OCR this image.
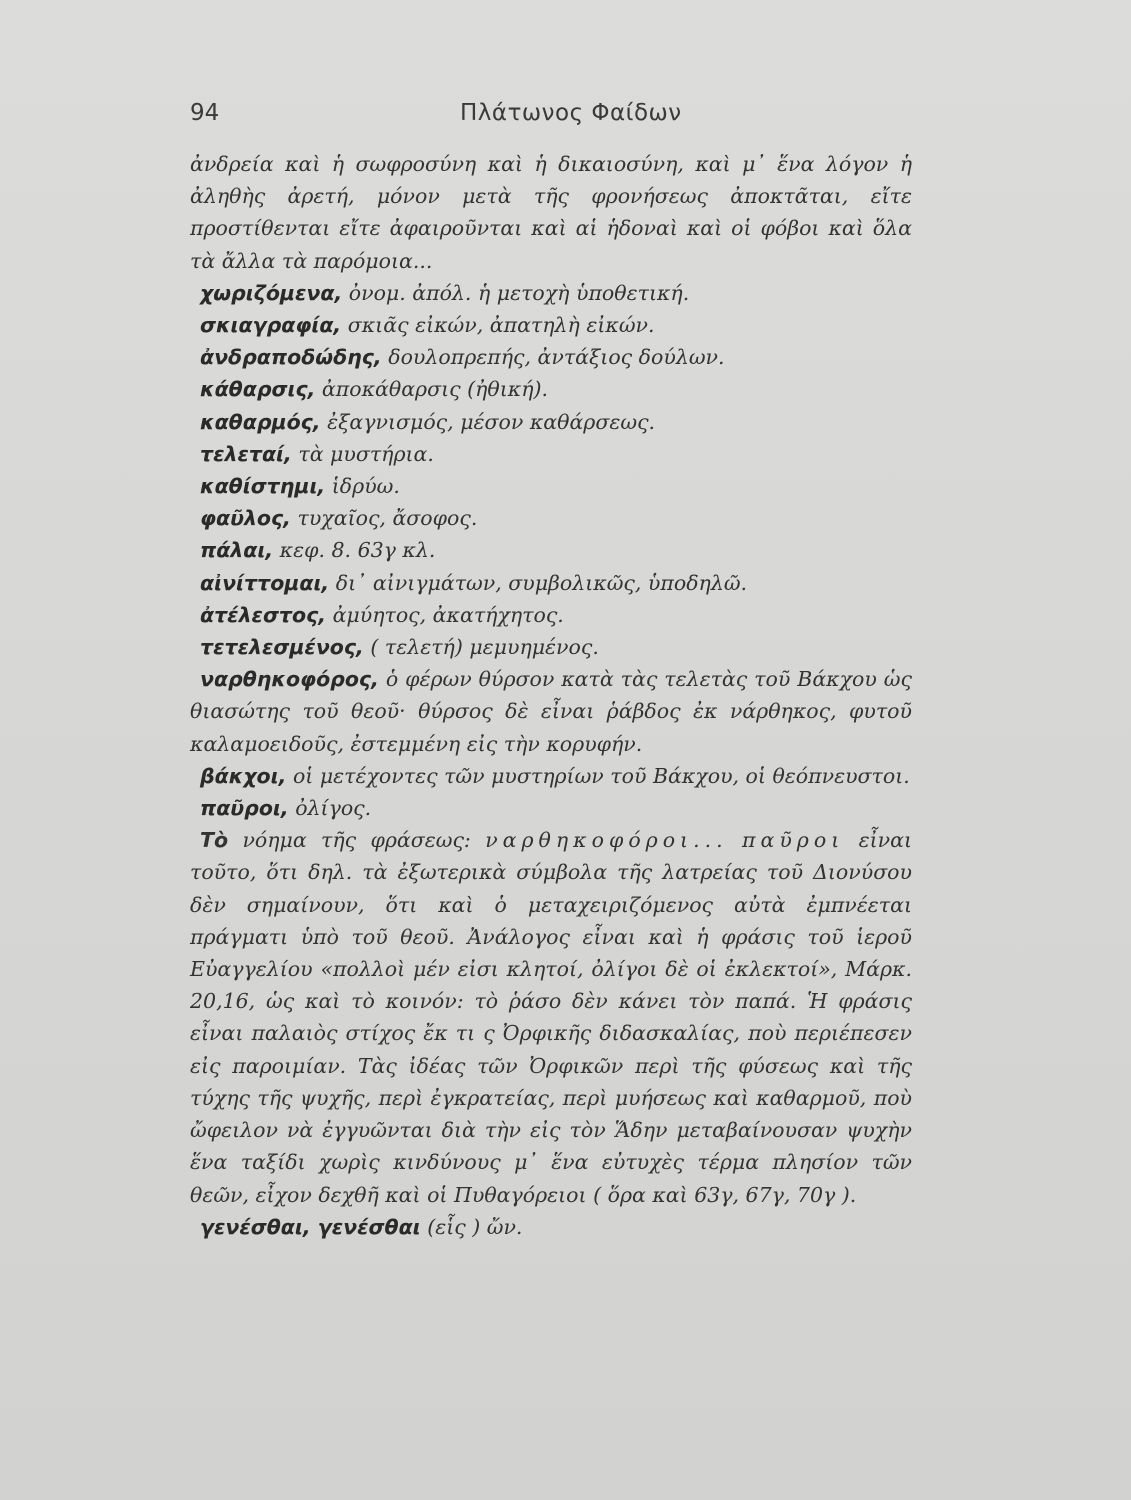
94	Πλάτωνος Φαίδων

ἀνδρεία καὶ ἡ σωφροσύνη καὶ ἡ δικαιοσύνη, καὶ μ᾽ ἕνα λόγον ἡ ἀληθὴς ἀρετή, μόνον μετὰ τῆς φρονήσεως ἀποκτᾶται, εἴτε προστίθενται εἴτε ἀφαιροῦνται καὶ αἱ ἡδοναὶ καὶ οἱ φόβοι καὶ ὅλα τὰ ἄλλα τὰ παρόμοια...

χωριζόμενα, ὀνομ. ἀπόλ. ἡ μετοχὴ ὑποθετική.

σκιαγραφία, σκιᾶς εἰκών, ἀπατηλὴ εἰκών.

ἀνδραποδώδης, δουλοπρεπής, ἀντάξιος δούλων.

κάθαρσις, ἀποκάθαρσις (ἠθική).

καθαρμός, ἐξαγνισμός, μέσον καθάρσεως.

τελεταί, τὰ μυστήρια.

καθίστημι, ἱδρύω.

φαῦλος, τυχαῖος, ἄσοφος.

πάλαι, κεφ. 8. 63γ κλ.

αἰνίττομαι, δι᾽ αἰνιγμάτων, συμβολικῶς, ὑποδηλῶ.

ἀτέλεστος, ἀμύητος, ἀκατήχητος.

τετελεσμένος, ( τελετή) μεμυημένος.

ναρθηκοφόρος, ὁ φέρων θύρσον κατὰ τὰς τελετὰς τοῦ Βάκχου ὡς θιασώτης τοῦ θεοῦ· θύρσος δὲ εἶναι ῥάβδος ἐκ νάρθηκος, φυτοῦ καλαμοειδοῦς, ἐστεμμένη εἰς τὴν κορυφήν.

βάκχοι, οἱ μετέχοντες τῶν μυστηρίων τοῦ Βάκχου, οἱ θεόπνευστοι.

παῦροι, ὀλίγος.

Τὸ νόημα τῆς φράσεως: ναρθηκοφόροι... παῦροι εἶναι τοῦτο, ὅτι δηλ. τὰ ἐξωτερικὰ σύμβολα τῆς λατρείας τοῦ Διονύσου δὲν σημαίνουν, ὅτι καὶ ὁ μεταχειριζόμενος αὐτὰ ἐμπνέεται πράγματι ὑπὸ τοῦ θεοῦ. Ἀνάλογος εἶναι καὶ ἡ φράσις τοῦ ἱεροῦ Εὐαγγελίου «πολλοὶ μέν εἰσι κλητοί, ὀλίγοι δὲ οἱ ἐκλεκτοί», Μάρκ. 20,16, ὡς καὶ τὸ κοινόν: τὸ ῥάσο δὲν κάνει τὸν παπά. Ἡ φράσις εἶναι παλαιὸς στίχος ἔκ τι ς Ὀρφικῆς διδασκαλίας, ποὺ περιέπεσεν εἰς παροιμίαν. Τὰς ἰδέας τῶν Ὀρφικῶν περὶ τῆς φύσεως καὶ τῆς τύχης τῆς ψυχῆς, περὶ ἐγκρατείας, περὶ μυήσεως καὶ καθαρμοῦ, ποὺ ὤφειλον νὰ ἐγγυῶνται διὰ τὴν εἰς τὸν Ἅδην μεταβαίνουσαν ψυχὴν ἕνα ταξίδι χωρὶς κινδύνους μ᾽ ἕνα εὐτυχὲς τέρμα πλησίον τῶν θεῶν, εἶχον δεχθῆ καὶ οἱ Πυθαγόρειοι ( ὅρα καὶ 63γ, 67γ, 70γ ).

γενέσθαι, γενέσθαι (εἷς ) ὤν.
